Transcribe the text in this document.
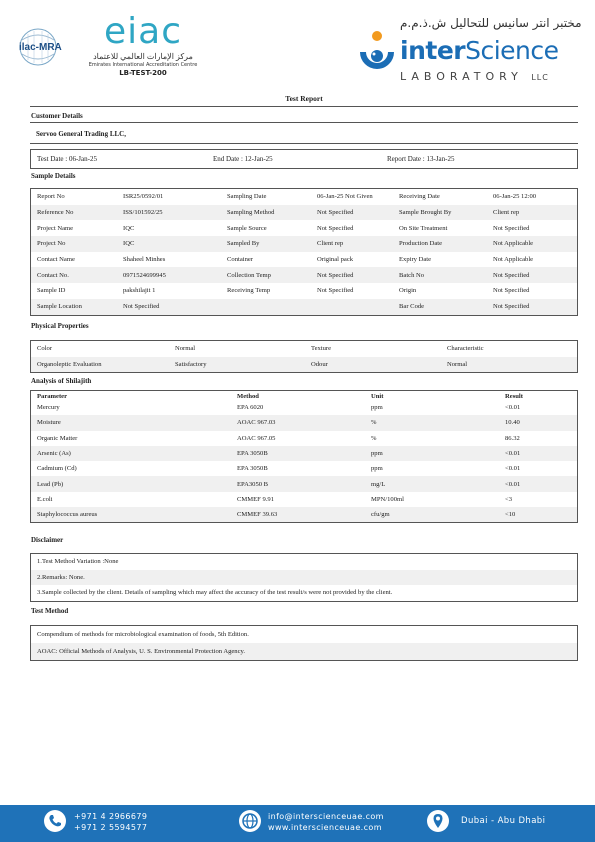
ilac-MRA	eiac
مركز الإمارات العالمي للاعتماد
Emirates International Accreditation Centre
LB-TEST-200
مختبر انتر سانيس للتحاليل ش.ذ.م.م
interScience
LABORATORY LLC
Test Report
Customer Details
Servoo General Trading LLC,
Test Date : 06-Jan-25	End Date : 12-Jan-25	Report Date : 13-Jan-25
Sample Details
Report No	ISR25/0592/01	Sampling Date	06-Jan-25 Not Given	Receiving Date	06-Jan-25 12:00
Reference No	ISS/101592/25	Sampling Method	Not Specified	Sample Brought By	Client rep
Project Name	IQC	Sample Source	Not Specified	On Site Treatment	Not Specified
Project No	IQC	Sampled By	Client rep	Production Date	Not Applicable
Contact Name	Shaheel Minhes	Container	Original pack	Expiry Date	Not Applicable
Contact No.	0971524699945	Collection Temp	Not Specified	Batch No	Not Specified
Sample ID	pakshilajit 1	Receiving Temp	Not Specified	Origin	Not Specified
Sample Location	Not Specified			Bar Code	Not Specified
Physical Properties
Color	Normal	Texture	Characteristic
Organoleptic Evaluation	Satisfactory	Odour	Normal
Analysis of Shilajith
Parameter	Method	Unit	Result
Mercury	EPA 6020	ppm	<0.01
Moisture	AOAC 967.03	%	10.40
Organic Matter	AOAC 967.05	%	86.32
Arsenic (As)	EPA 3050B	ppm	<0.01
Cadmium (Cd)	EPA 3050B	ppm	<0.01
Lead (Pb)	EPA3050 B	mg/L	<0.01
E.coli	CMMEF 9.91	MPN/100ml	<3
Staphylococcus aureus	CMMEF 39.63	cfu/gm	<10
Disclaimer
1.Test Method Variation :None
2.Remarks: None.
3.Sample collected by the client. Details of sampling which may affect the accuracy of the test result/s were not provided by the client.
Test Method
Compendium of methods for microbiological examination of foods, 5th Edition.
AOAC: Official Methods of Analysis, U. S. Environmental Protection Agency.
+971 4 2966679
+971 2 5594577
info@interscienceuae.com
www.interscienceuae.com
Dubai - Abu Dhabi
